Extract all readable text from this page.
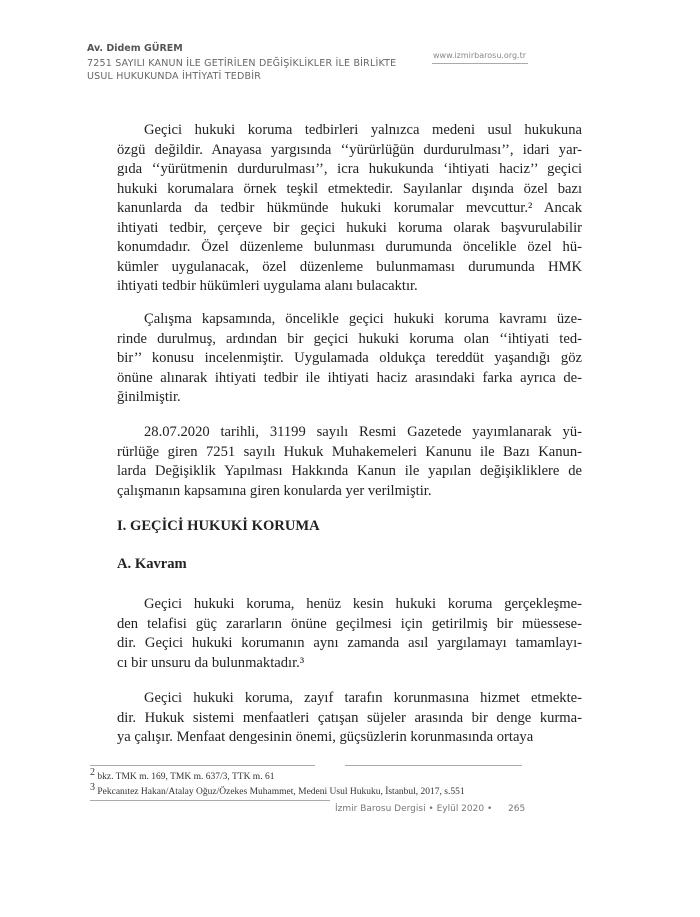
Av. Didem GÜREM
7251 SAYILI KANUN İLE GETİRİLEN DEĞİŞİKLİKLER İLE BİRLİKTE
USUL HUKUKUNDA İHTİYATİ TEDBİR
www.izmirbarosu.org.tr
Geçici hukuki koruma tedbirleri yalnızca medeni usul hukukuna
özgü değildir. Anayasa yargısında ‘‘yürürlüğün durdurulması’’, idari yar-
gıda ‘‘yürütmenin durdurulması’’, icra hukukunda ‘ihtiyati haciz’’ geçici
hukuki korumalara örnek teşkil etmektedir. Sayılanlar dışında özel bazı
kanunlarda da tedbir hükmünde hukuki korumalar mevcuttur.² Ancak
ihtiyati tedbir, çerçeve bir geçici hukuki koruma olarak başvurulabilir
konumdadır. Özel düzenleme bulunması durumunda öncelikle özel hü-
kümler uygulanacak, özel düzenleme bulunmaması durumunda HMK
ihtiyati tedbir hükümleri uygulama alanı bulacaktır.
Çalışma kapsamında, öncelikle geçici hukuki koruma kavramı üze-
rinde durulmuş, ardından bir geçici hukuki koruma olan ‘‘ihtiyati ted-
bir’’ konusu incelenmiştir. Uygulamada oldukça tereddüt yaşandığı göz
önüne alınarak ihtiyati tedbir ile ihtiyati haciz arasındaki farka ayrıca de-
ğinilmiştir.
28.07.2020 tarihli, 31199 sayılı Resmi Gazetede yayımlanarak yü-
rürlüğe giren 7251 sayılı Hukuk Muhakemeleri Kanunu ile Bazı Kanun-
larda Değişiklik Yapılması Hakkında Kanun ile yapılan değişikliklere de
çalışmanın kapsamına giren konularda yer verilmiştir.
I. GEÇİCİ HUKUKİ KORUMA
A. Kavram
Geçici hukuki koruma, henüz kesin hukuki koruma gerçekleşme-
den telafisi güç zararların önüne geçilmesi için getirilmiş bir müessese-
dir. Geçici hukuki korumanın aynı zamanda asıl yargılamayı tamamlayı-
cı bir unsuru da bulunmaktadır.³
Geçici hukuki koruma, zayıf tarafın korunmasına hizmet etmekte-
dir. Hukuk sistemi menfaatleri çatışan süjeler arasında bir denge kurma-
ya çalışır. Menfaat dengesinin önemi, güçsüzlerin korunmasında ortaya
$^2$ bkz. TMK m. 169, TMK m. 637/3, TTK m. 61
$^3$ Pekcanıtez Hakan/Atalay Oğuz/Özekes Muhammet, Medeni Usul Hukuku, İstanbul, 2017, s.551
İzmir Barosu Dergisi • Eylül 2020 • 265
